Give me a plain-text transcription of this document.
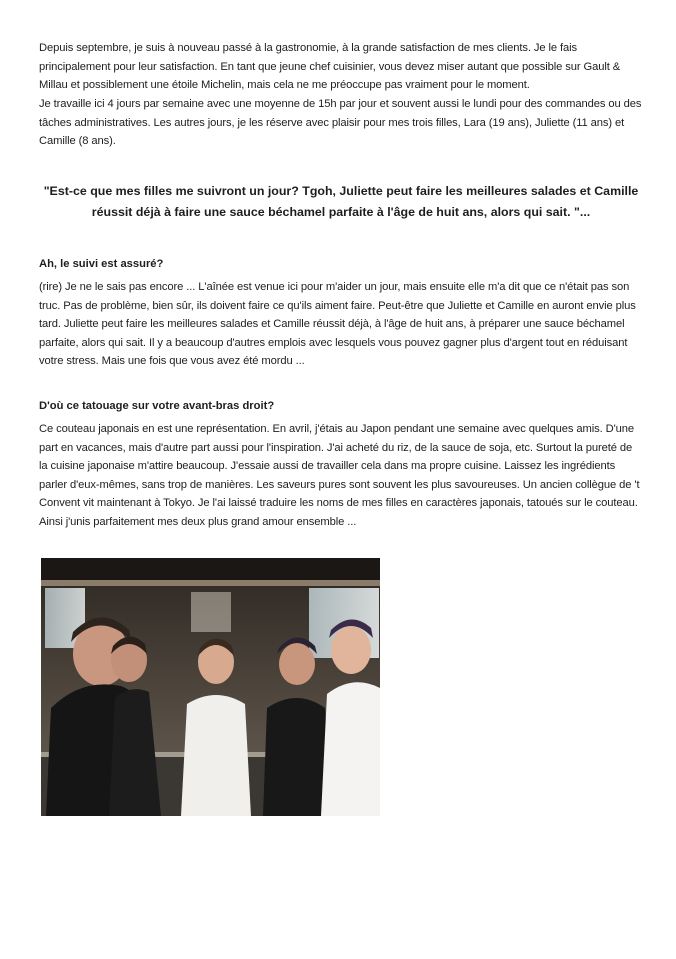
Depuis septembre, je suis à nouveau passé à la gastronomie, à la grande satisfaction de mes clients. Je le fais principalement pour leur satisfaction. En tant que jeune chef cuisinier, vous devez miser autant que possible sur Gault & Millau et possiblement une étoile Michelin, mais cela ne me préoccupe pas vraiment pour le moment.

Je travaille ici 4 jours par semaine avec une moyenne de 15h par jour et souvent aussi le lundi pour des commandes ou des tâches administratives. Les autres jours, je les réserve avec plaisir pour mes trois filles, Lara (19 ans), Juliette (11 ans) et Camille (8 ans).

"Est-ce que mes filles me suivront un jour? Tgoh, Juliette peut faire les meilleures salades et Camille réussit déjà à faire une sauce béchamel parfaite à l'âge de huit ans, alors qui sait. "...

Ah, le suivi est assuré?

(rire) Je ne le sais pas encore ... L'aînée est venue ici pour m'aider un jour, mais ensuite elle m'a dit que ce n'était pas son truc. Pas de problème, bien sûr, ils doivent faire ce qu'ils aiment faire. Peut-être que Juliette et Camille en auront envie plus tard. Juliette peut faire les meilleures salades et Camille réussit déjà, à l'âge de huit ans, à préparer une sauce béchamel parfaite, alors qui sait. Il y a beaucoup d'autres emplois avec lesquels vous pouvez gagner plus d'argent tout en réduisant votre stress. Mais une fois que vous avez été mordu ...

D'où ce tatouage sur votre avant-bras droit?

Ce couteau japonais en est une représentation. En avril, j'étais au Japon pendant une semaine avec quelques amis. D'une part en vacances, mais d'autre part aussi pour l'inspiration. J'ai acheté du riz, de la sauce de soja, etc. Surtout la pureté de la cuisine japonaise m'attire beaucoup. J'essaie aussi de travailler cela dans ma propre cuisine. Laissez les ingrédients parler d'eux-mêmes, sans trop de manières. Les saveurs pures sont souvent les plus savoureuses. Un ancien collègue de 't Convent vit maintenant à Tokyo. Je l'ai laissé traduire les noms de mes filles en caractères japonais, tatoués sur le couteau. Ainsi j'unis parfaitement mes deux plus grand amour ensemble ...
